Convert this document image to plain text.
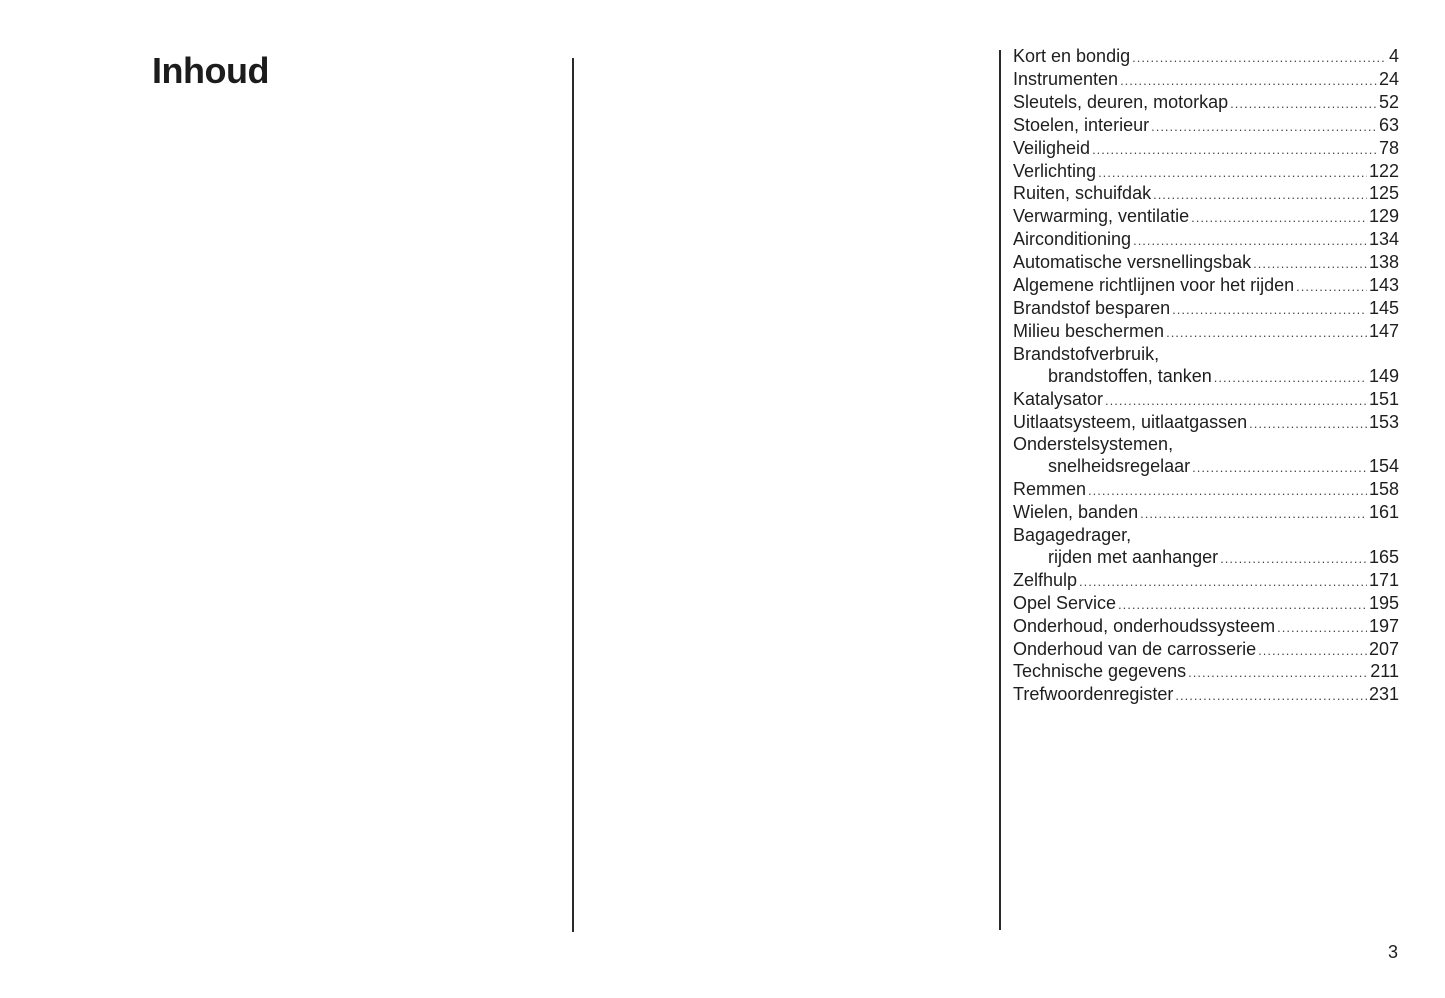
Inhoud	Kort en bondig .....	4
Instrumenten .....	24
Sleutels, deuren, motorkap .....	52
Stoelen, interieur .....	63
Veiligheid .....	78
Verlichting .....	122
Ruiten, schuifdak .....	125
Verwarming, ventilatie .....	129
Airconditioning .....	134
Automatische versnellingsbak .....	138
Algemene richtlijnen voor het rijden .....	143
Brandstof besparen .....	145
Milieu beschermen .....	147
Brandstofverbruik,
brandstoffen, tanken .....	149
Katalysator .....	151
Uitlaatsysteem, uitlaatgassen .....	153
Onderstelsystemen,
snelheidsregelaar .....	154
Remmen .....	158
Wielen, banden .....	161
Bagagedrager,
rijden met aanhanger .....	165
Zelfhulp .....	171
Opel Service .....	195
Onderhoud, onderhoudssysteem .....	197
Onderhoud van de carrosserie .....	207
Technische gegevens .....	211
Trefwoordenregister .....	231
3
